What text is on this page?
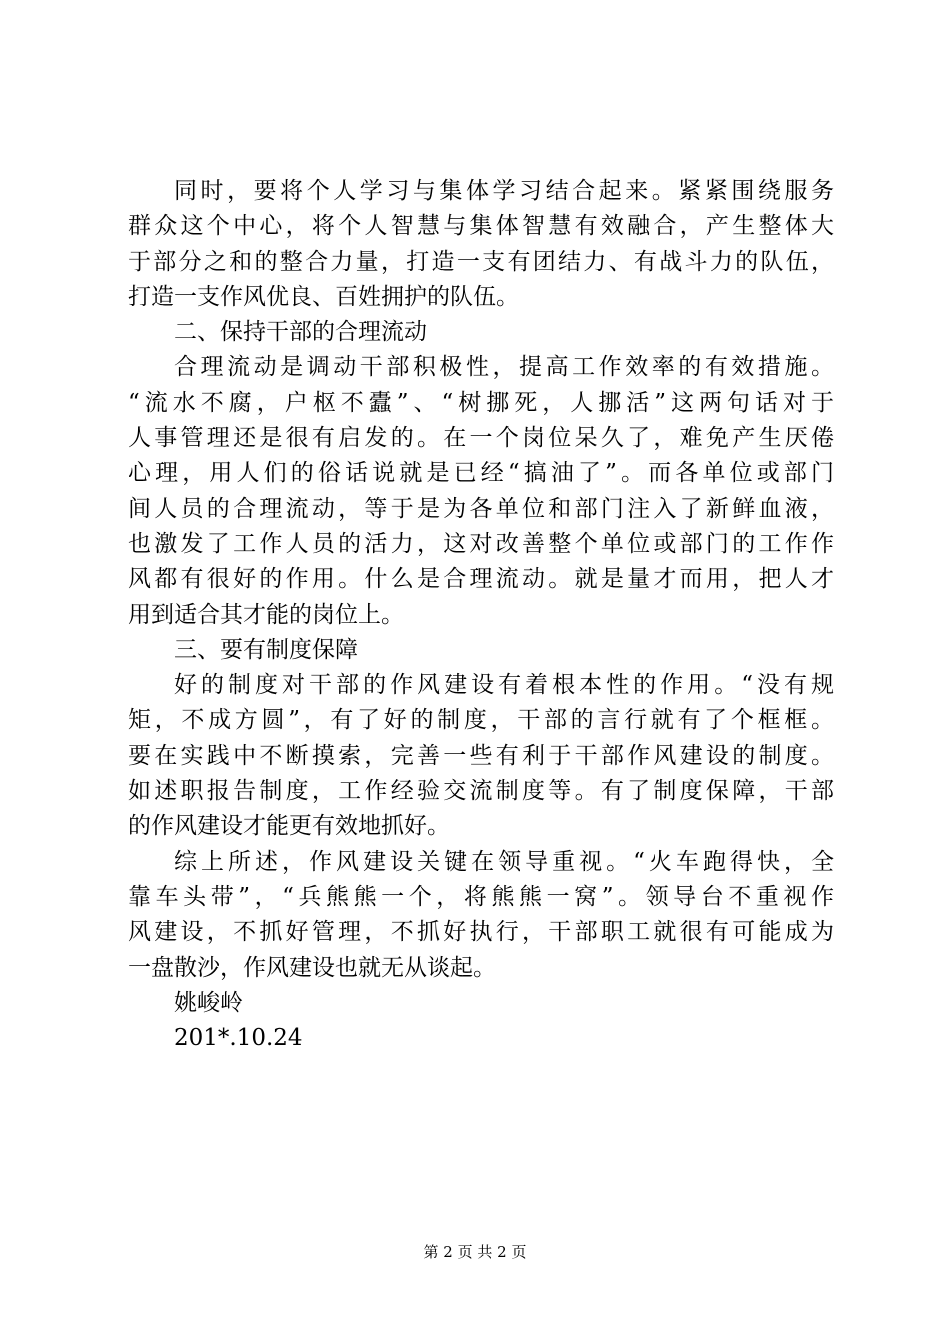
同时，要将个人学习与集体学习结合起来。紧紧围绕服务
群众这个中心，将个人智慧与集体智慧有效融合，产生整体大
于部分之和的整合力量，打造一支有团结力、有战斗力的队伍，
打造一支作风优良、百姓拥护的队伍。
二、保持干部的合理流动
合理流动是调动干部积极性，提高工作效率的有效措施。
“流水不腐，户枢不蠹”、“树挪死，人挪活”这两句话对于
人事管理还是很有启发的。在一个岗位呆久了，难免产生厌倦
心理，用人们的俗话说就是已经“搞油了”。而各单位或部门
间人员的合理流动，等于是为各单位和部门注入了新鲜血液，
也激发了工作人员的活力，这对改善整个单位或部门的工作作
风都有很好的作用。什么是合理流动。就是量才而用，把人才
用到适合其才能的岗位上。
三、要有制度保障
好的制度对干部的作风建设有着根本性的作用。“没有规
矩，不成方圆”，有了好的制度，干部的言行就有了个框框。
要在实践中不断摸索，完善一些有利于干部作风建设的制度。
如述职报告制度，工作经验交流制度等。有了制度保障，干部
的作风建设才能更有效地抓好。
综上所述，作风建设关键在领导重视。“火车跑得快，全
靠车头带”，“兵熊熊一个，将熊熊一窝”。领导台不重视作
风建设，不抓好管理，不抓好执行，干部职工就很有可能成为
一盘散沙，作风建设也就无从谈起。
姚峻岭
201*.10.24
第 2 页 共 2 页
